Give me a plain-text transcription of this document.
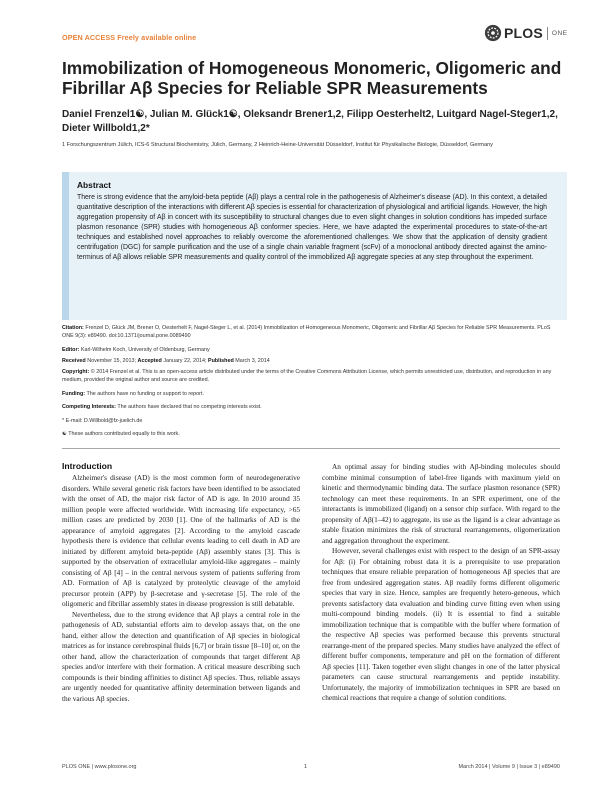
OPEN ACCESS Freely available online	PLOS ONE
Immobilization of Homogeneous Monomeric, Oligomeric and Fibrillar Aβ Species for Reliable SPR Measurements
Daniel Frenzel1☯, Julian M. Glück1☯, Oleksandr Brener1,2, Filipp Oesterhelt2, Luitgard Nagel-Steger1,2, Dieter Willbold1,2*
1 Forschungszentrum Jülich, ICS-6 Structural Biochemistry, Jülich, Germany, 2 Heinrich-Heine-Universität Düsseldorf, Institut für Physikalische Biologie, Düsseldorf, Germany
Abstract
There is strong evidence that the amyloid-beta peptide (Aβ) plays a central role in the pathogenesis of Alzheimer's disease (AD). In this context, a detailed quantitative description of the interactions with different Aβ species is essential for characterization of physiological and artificial ligands. However, the high aggregation propensity of Aβ in concert with its susceptibility to structural changes due to even slight changes in solution conditions has impeded surface plasmon resonance (SPR) studies with homogeneous Aβ conformer species. Here, we have adapted the experimental procedures to state-of-the-art techniques and established novel approaches to reliably overcome the aforementioned challenges. We show that the application of density gradient centrifugation (DGC) for sample purification and the use of a single chain variable fragment (scFv) of a monoclonal antibody directed against the amino-terminus of Aβ allows reliable SPR measurements and quality control of the immobilized Aβ aggregate species at any step throughout the experiment.
Citation: Frenzel D, Glück JM, Brener O, Oesterhelt F, Nagel-Steger L, et al. (2014) Immobilization of Homogeneous Monomeric, Oligomeric and Fibrillar Aβ Species for Reliable SPR Measurements. PLoS ONE 9(3): e89490. doi:10.1371/journal.pone.0089490
Editor: Karl-Wilhelm Koch, University of Oldenburg, Germany
Received November 15, 2013; Accepted January 22, 2014; Published March 3, 2014
Copyright: © 2014 Frenzel et al. This is an open-access article distributed under the terms of the Creative Commons Attribution License, which permits unrestricted use, distribution, and reproduction in any medium, provided the original author and source are credited.
Funding: The authors have no funding or support to report.
Competing Interests: The authors have declared that no competing interests exist.
* E-mail: D.Willbold@fz-juelich.de
☯ These authors contributed equally to this work.
Introduction

Alzheimer's disease (AD) is the most common form of neurodegenerative disorders. While several genetic risk factors have been identified to be associated with the onset of AD, the major risk factor of AD is age. In 2010 around 35 million people were affected worldwide. With increasing life expectancy, >65 million cases are predicted by 2030 [1]. One of the hallmarks of AD is the appearance of amyloid aggregates [2]. According to the amyloid cascade hypothesis there is evidence that cellular events leading to cell death in AD are initiated by different amyloid beta-peptide (Aβ) assembly states [3]. This is supported by the observation of extracellular amyloid-like aggregates – mainly consisting of Aβ [4] – in the central nervous system of patients suffering from AD. Formation of Aβ is catalyzed by proteolytic cleavage of the amyloid precursor protein (APP) by β-secretase and γ-secretase [5]. The role of the oligomeric and fibrillar assembly states in disease progression is still debatable.

Nevertheless, due to the strong evidence that Aβ plays a central role in the pathogenesis of AD, substantial efforts aim to develop assays that, on the one hand, either allow the detection and quantification of Aβ species in biological matrices as for instance cerebrospinal fluids [6,7] or brain tissue [8–10] or, on the other hand, allow the characterization of compounds that target different Aβ species and/or interfere with their formation. A critical measure describing such compounds is their binding affinities to distinct Aβ species. Thus, reliable assays are urgently needed for quantitative affinity determination between ligands and the various Aβ species.

An optimal assay for binding studies with Aβ-binding molecules should combine minimal consumption of label-free ligands with maximum yield on kinetic and thermodynamic binding data. The surface plasmon resonance (SPR) technology can meet these requirements. In an SPR experiment, one of the interactants is immobilized (ligand) on a sensor chip surface. With regard to the propensity of Aβ(1–42) to aggregate, its use as the ligand is a clear advantage as stable fixation minimizes the risk of structural rearrangements, oligomerization and aggregation throughout the experiment.

However, several challenges exist with respect to the design of an SPR-assay for Aβ: (i) For obtaining robust data it is a prerequisite to use preparation techniques that ensure reliable preparation of homogeneous Aβ species that are free from undesired aggregation states. Aβ readily forms different oligomeric species that vary in size. Hence, samples are frequently hetero-geneous, which prevents satisfactory data evaluation and binding curve fitting even when using multi-compound binding models. (ii) It is essential to find a suitable immobilization technique that is compatible with the buffer where formation of the respective Aβ species was performed because this prevents structural rearrange-ment of the prepared species. Many studies have analyzed the effect of different buffer components, temperature and pH on the formation of different Aβ species [11]. Taken together even slight changes in one of the latter physical parameters can cause structural rearrangements and peptide instability. Unfortunately, the majority of immobilization techniques in SPR are based on chemical reactions that require a change of solution conditions.

PLOS ONE | www.plosone.org	1	March 2014 | Volume 9 | Issue 3 | e89490
